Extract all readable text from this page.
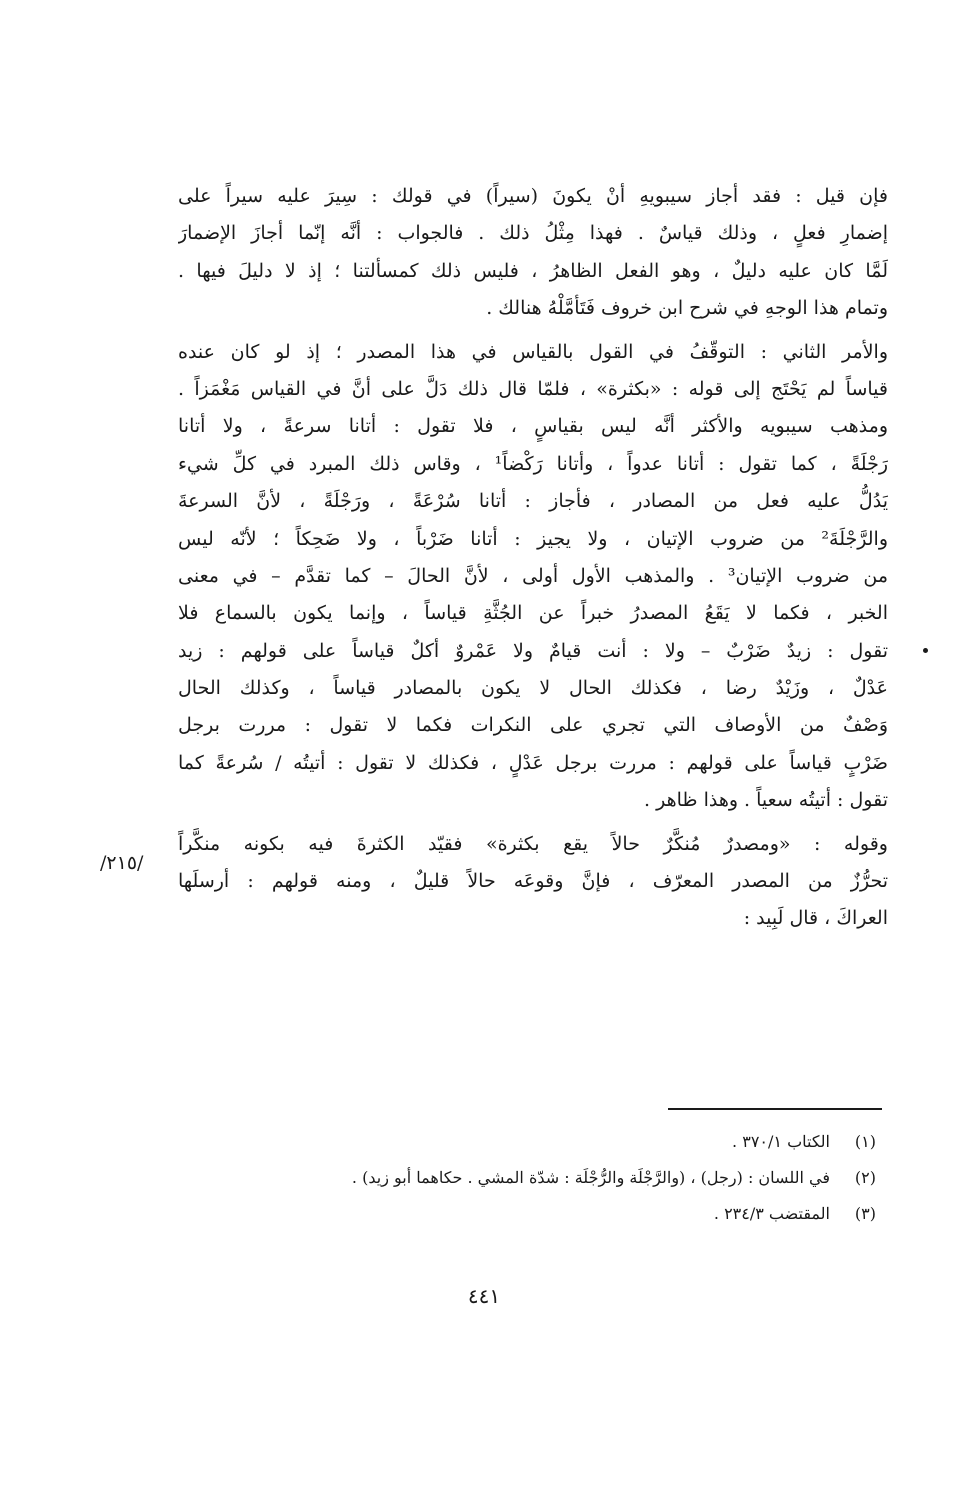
فإن قيل : فقد أجاز سيبويهِ أنْ يكونَ (سيراً) في قولك : سِيرَ عليه سيراً على
إضمارِ فعلٍ ، وذلك قياسٌ . فهذا مِثْلُ ذلك . فالجواب : أنَّه إنّما أجازَ الإضمارَ
لَمَّا كان عليه دليلٌ ، وهو الفعل الظاهرُ ، فليس ذلك كمسألتنا ؛ إذ لا دليلَ فيها .
وتمام هذا الوجهِ في شرح ابن خروف فَتَأمَّلْهُ هنالك .
والأمر الثاني : التوقّفُ في القول بالقياس في هذا المصدر ؛ إذ لو كان عنده
قياساً لم يَحْتَج إلى قوله : «بكثرة» ، فلمّا قال ذلك دَلَّ على أنَّ في القياس مَغْمَزاً .
ومذهب سيبويه والأكثر أنَّه ليس بقياسٍ ، فلا تقول : أتانا سرعةً ، ولا أتانا
رَجْلَةً ، كما تقول : أتانا عدواً ، وأتانا رَكْضاً¹ ، وقاس ذلك المبرد في كلِّ شيء
يَدُلُّ عليه فعل من المصادر ، فأجاز : أتانا سُرْعَةً ، ورَجْلَةً ، لأنَّ السرعةَ
والرَّجْلَةَ² من ضروب الإتيان ، ولا يجيز : أتانا ضَرْباً ، ولا ضَحِكاً ؛ لأنّه ليس
من ضروب الإتيان³ . والمذهب الأول أولى ، لأنَّ الحالَ – كما تقدَّم – في معنى
الخبر ، فكما لا يَقَعُ المصدرُ خبراً عن الجُثَّةِ قياساً ، وإنما يكون بالسماع فلا
تقول : زيدٌ ضَرْبٌ – ولا : أنت قيامٌ ولا عَمْروٌ أكلٌ قياساً على قولهم : زيد
عَدْلٌ ، وزَيْدٌ رضا ، فكذلك الحال لا يكون بالمصادر قياساً ، وكذلك الحال
وَصْفٌ من الأوصاف التي تجري على النكرات فكما لا تقول : مررت برجل
ضَرْبٍ قياساً على قولهم : مررت برجل عَدْلٍ ، فكذلك لا تقول : أتيتُه / سُرعةً كما
تقول : أتيتُه سعياً . وهذا ظاهر .
وقوله : «ومصدرٌ مُنكَّرٌ حالاً يقع بكثرة» فقيّد الكثرةَ فيه بكونه منكَّراً
تحرُّزٌ من المصدر المعرّف ، فإنَّ وقوعَه حالاً قليلٌ ، ومنه قولهم : أرسلَها
العراكَ ، قال لَبِيد :
/٢١٥/
(١)
الكتاب ٣٧٠/١ .
(٢)
في اللسان : (رجل) ، (والرَّجْلَة والرُّجْلَة : شدّة المشي . حكاهما أبو زيد) .
(٣)
المقتضب ٢٣٤/٣ .
٤٤١
